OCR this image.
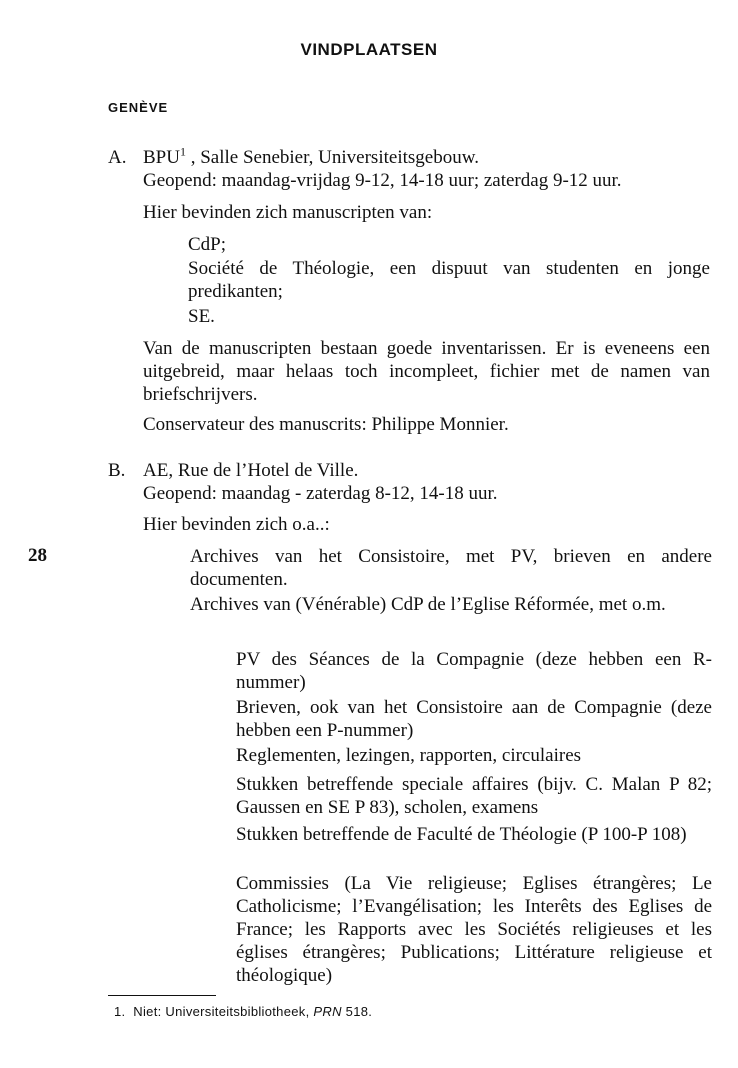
VINDPLAATSEN
GENÈVE
A. BPU$^1$ , Salle Senebier, Universiteitsgebouw.
Geopend: maandag-vrijdag 9-12, 14-18 uur; zaterdag 9-12 uur.
Hier bevinden zich manuscripten van:
CdP;
Société de Théologie, een dispuut van studenten en jonge predikanten;
SE.
Van de manuscripten bestaan goede inventarissen. Er is eveneens een uitgebreid, maar helaas toch incompleet, fichier met de namen van briefschrijvers.
Conservateur des manuscrits: Philippe Monnier.
B. AE, Rue de l’Hotel de Ville.
Geopend: maandag - zaterdag 8-12, 14-18 uur.
Hier bevinden zich o.a..:
28	Archives van het Consistoire, met PV, brieven en andere documenten.
Archives van (Vénérable) CdP de l’Eglise Réformée, met o.m.
PV des Séances de la Compagnie (deze hebben een R-nummer)
Brieven, ook van het Consistoire aan de Compagnie (deze hebben een P-nummer)
Reglementen, lezingen, rapporten, circulaires
Stukken betreffende speciale affaires (bijv. C. Malan P 82; Gaussen en SE P 83), scholen, examens
Stukken betreffende de Faculté de Théologie (P 100-P 108)
Commissies (La Vie religieuse; Eglises étrangères; Le Catholicisme; l’Evangélisation; les Interêts des Eglises de France; les Rapports avec les Sociétés religieuses et les églises étrangères; Publications; Littérature religieuse et théologique)
1. Niet: Universiteitsbibliotheek, PRN 518.
